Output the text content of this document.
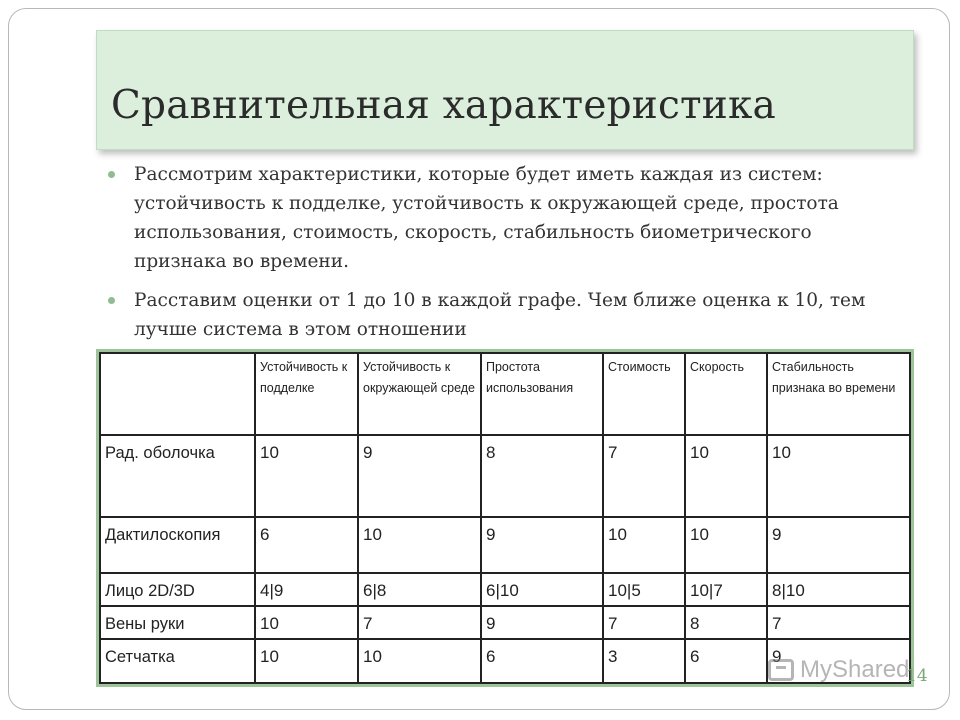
Сравнительная характеристика
Рассмотрим характеристики, которые будет иметь каждая из систем: устойчивость к подделке, устойчивость к окружающей среде, простота использования, стоимость, скорость, стабильность биометрического признака во времени.
Расставим оценки от 1 до 10 в каждой графе. Чем ближе оценка к 10, тем лучше система в этом отношении
	Устойчивость к подделке	Устойчивость к окружающей среде	Простота использования	Стоимость	Скорость	Стабильность признака во времени
Рад. оболочка	10	9	8	7	10	10
Дактилоскопия	6	10	9	10	10	9
Лицо 2D/3D	4|9	6|8	6|10	10|5	10|7	8|10
Вены руки	10	7	9	7	8	7
Сетчатка	10	10	6	3	6	9 MyShared
14
